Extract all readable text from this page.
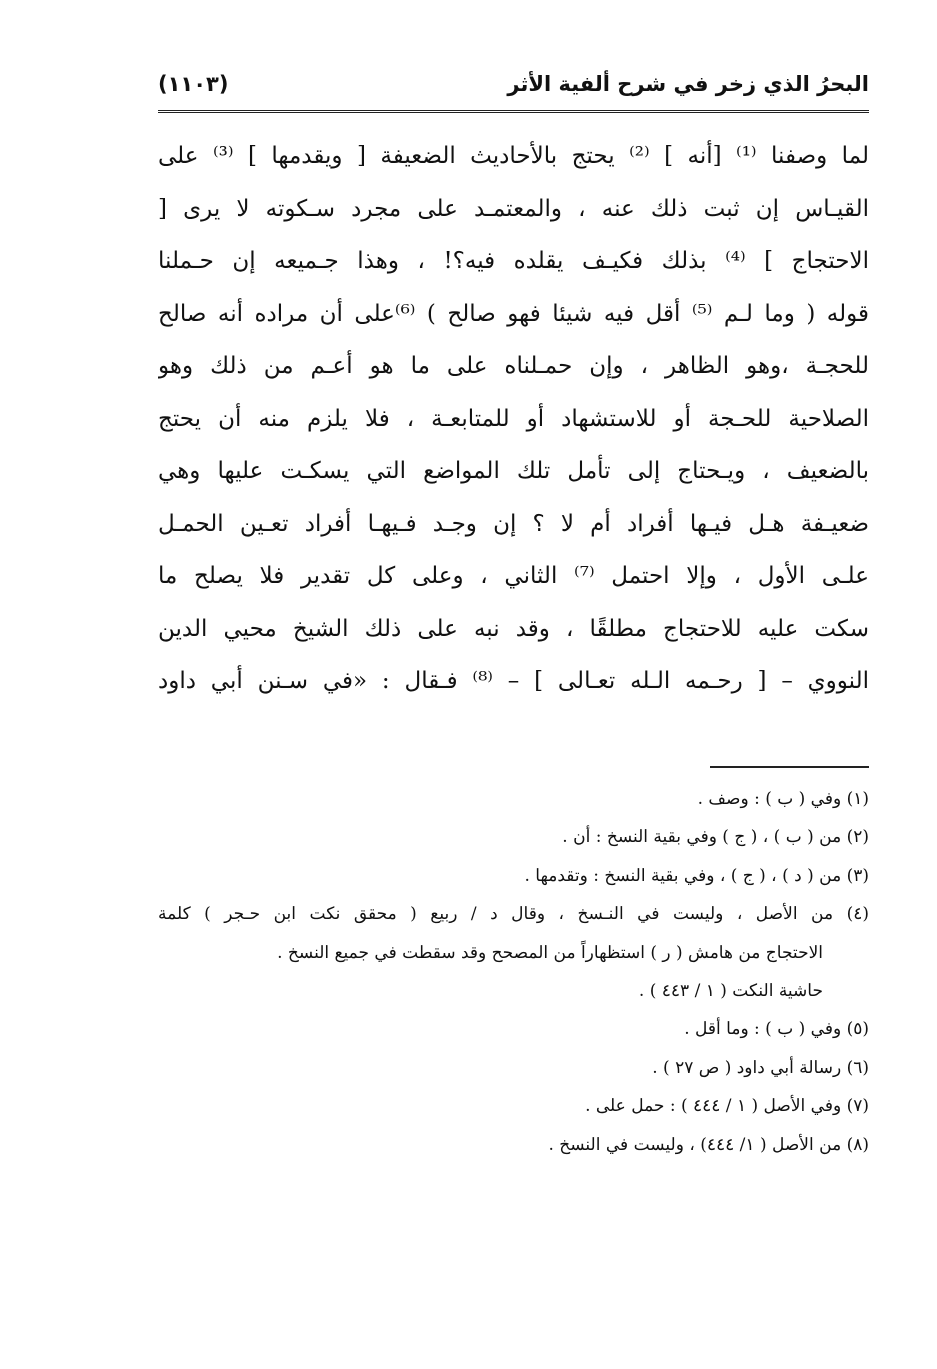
البحرُ الذي زخر في شرح ألفية الأثر
(١١٠٣)
لما وصفنا ⁽¹⁾ [أنه ] ⁽²⁾ يحتج بالأحاديث الضعيفة [ ويقدمها ] ⁽³⁾ على
القيـاس إن ثبت ذلك عنه ، والمعتمـد على مجرد سـكوته لا يرى [
الاحتجاج ] ⁽⁴⁾ بذلك فكيـف يقلده فيه؟! ، وهذا جـميعه إن حـملنا
قوله ( وما لـم ⁽⁵⁾ أقل فيه شيئا فهو صالح ) ⁽⁶⁾على أن مراده أنه صالح
للحجـة ،وهو الظاهر ، وإن حمـلناه على ما هو أعـم من ذلك وهو
الصلاحية للحـجة أو للاستشهاد أو للمتابعـة ، فلا يلزم منه أن يحتج
بالضعيف ، ويـحتاج إلى تأمل تلك المواضع التي يسكـت عليها وهي
ضعيـفة هـل فيـها أفراد أم لا ؟ إن وجـد فـيهـا أفراد تعـين الحمـل
علـى الأول ، وإلا احتمل ⁽⁷⁾ الثاني ، وعلى كل تقدير فلا يصلح ما
سكت عليه للاحتجاج مطلقًا ، وقد نبه على ذلك الشيخ محيي الدين
النووي – [ رحـمه الـله تعـالى ] – ⁽⁸⁾ فـقال : «في سـنن أبي داود
(١) وفي ( ب ) : وصف .
(٢) من ( ب ) ، ( ج ) وفي بقية النسخ : أن .
(٣) من ( د ) ، ( ج ) ، وفي بقية النسخ : وتقدمها .
(٤) من الأصل ، وليست في النـسخ ، وقال د / ربيع ( محقق نكت ابن حـجر ) كلمة
الاحتجاج من هامش ( ر ) استظهاراً من المصحح وقد سقطت في جميع النسخ .
حاشية النكت ( ١ / ٤٤٣ ) .
(٥) وفي ( ب ) : وما أقل .
(٦) رسالة أبي داود ( ص ٢٧ ) .
(٧) وفي الأصل ( ١ / ٤٤٤ ) : حمل على .
(٨) من الأصل ( ١/ ٤٤٤) ، وليست في النسخ .
